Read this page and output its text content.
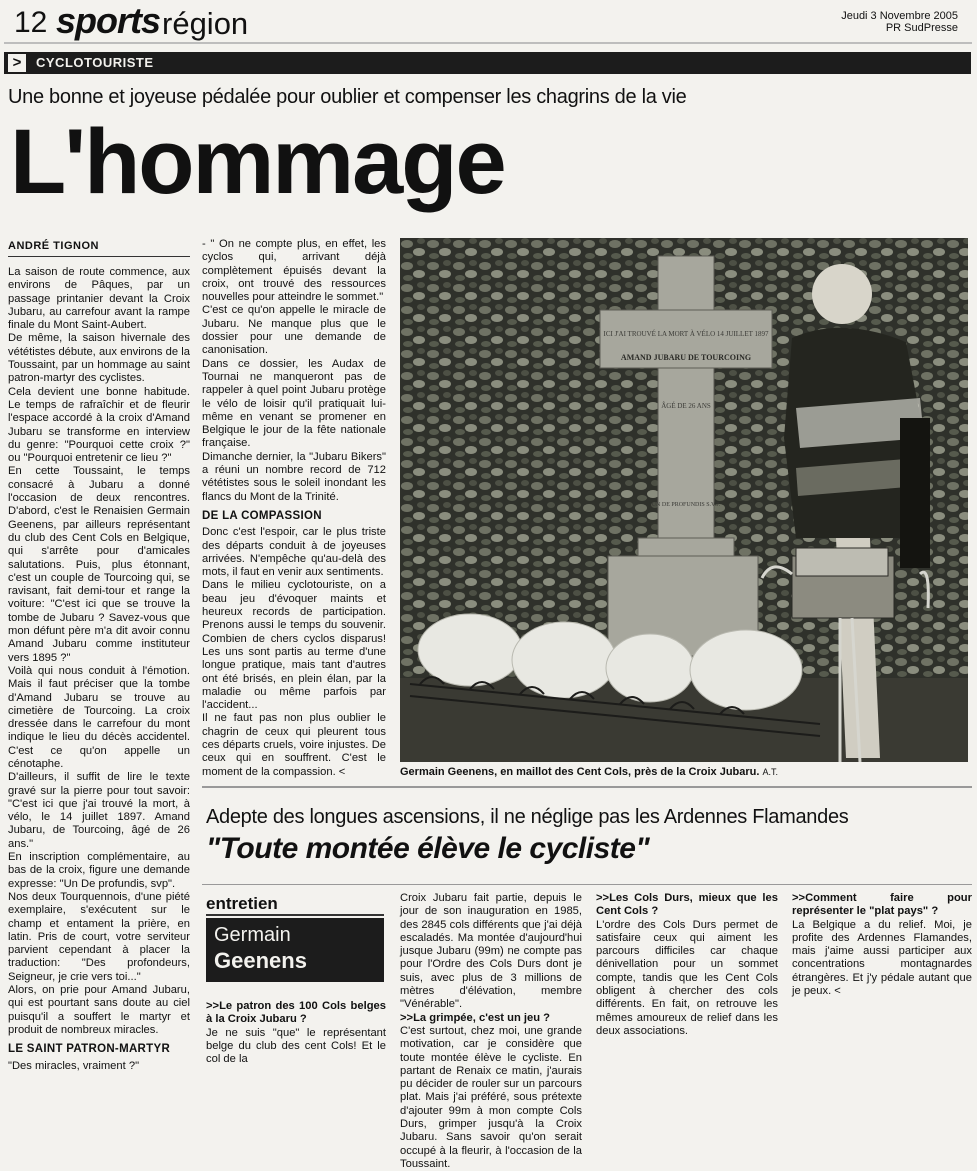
12 sports région	Jeudi 3 Novembre 2005
PR SudPresse
>	CYCLOTOURISTE
Une bonne et joyeuse pédalée pour oublier et compenser les chagrins de la vie
L'hommage
ANDRÉ TIGNON

La saison de route commence, aux environs de Pâques, par un passage printanier devant la Croix Jubaru, au carrefour avant la rampe finale du Mont Saint-Aubert.

De même, la saison hivernale des vététistes débute, aux environs de la Toussaint, par un hommage au saint patron-martyr des cyclistes.

Cela devient une bonne habitude. Le temps de rafraîchir et de fleurir l'espace accordé à la croix d'Amand Jubaru se transforme en interview du genre: "Pourquoi cette croix ?" ou "Pourquoi entretenir ce lieu ?"

En cette Toussaint, le temps consacré à Jubaru a donné l'occasion de deux rencontres. D'abord, c'est le Renaisien Germain Geenens, par ailleurs représentant du club des Cent Cols en Belgique, qui s'arrête pour d'amicales salutations. Puis, plus étonnant, c'est un couple de Tourcoing qui, se ravisant, fait demi-tour et range la voiture: "C'est ici que se trouve la tombe de Jubaru ? Savez-vous que mon défunt père m'a dit avoir connu Amand Jubaru comme instituteur vers 1895 ?"

Voilà qui nous conduit à l'émotion. Mais il faut préciser que la tombe d'Amand Jubaru se trouve au cimetière de Tourcoing. La croix dressée dans le carrefour du mont indique le lieu du décès accidentel. C'est ce qu'on appelle un cénotaphe.

D'ailleurs, il suffit de lire le texte gravé sur la pierre pour tout savoir: "C'est ici que j'ai trouvé la mort, à vélo, le 14 juillet 1897. Amand Jubaru, de Tourcoing, âgé de 26 ans."

En inscription complémentaire, au bas de la croix, figure une demande expresse: "Un De profundis, svp".

Nos deux Tourquennois, d'une piété exemplaire, s'exécutent sur le champ et entament la prière, en latin. Pris de court, votre serviteur parvient cependant à placer la traduction: "Des profondeurs, Seigneur, je crie vers toi..."

Alors, on prie pour Amand Jubaru, qui est pourtant sans doute au ciel puisqu'il a souffert le martyr et produit de nombreux miracles.

LE SAINT PATRON-MARTYR

"Des miracles, vraiment ?"

- " On ne compte plus, en effet, les cyclos qui, arrivant déjà complètement épuisés devant la croix, ont trouvé des ressources nouvelles pour atteindre le sommet."

C'est ce qu'on appelle le miracle de Jubaru. Ne manque plus que le dossier pour une demande de canonisation.

Dans ce dossier, les Audax de Tournai ne manqueront pas de rappeler à quel point Jubaru protège le vélo de loisir qu'il pratiquait lui-même en venant se promener en Belgique le jour de la fête nationale française.

Dimanche dernier, la "Jubaru Bikers" a réuni un nombre record de 712 vététistes sous le soleil inondant les flancs du Mont de la Trinité.

DE LA COMPASSION

Donc c'est l'espoir, car le plus triste des départs conduit à de joyeuses arrivées. N'empêche qu'au-delà des mots, il faut en venir aux sentiments.

Dans le milieu cyclotouriste, on a beau jeu d'évoquer maints et heureux records de participation. Prenons aussi le temps du souvenir. Combien de chers cyclos disparus! Les uns sont partis au terme d'une longue pratique, mais tant d'autres ont été brisés, en plein élan, par la maladie ou même parfois par l'accident...

Il ne faut pas non plus oublier le chagrin de ceux qui pleurent tous ces départs cruels, voire injustes. De ceux qui en souffrent. C'est le moment de la compassion. <

ICI J'AI TROUVÉ LA MORT À VÉLO 14 JUILLET 1897
AMAND JUBARU DE TOURCOING
ÂGÉ DE 26 ANS
UN DE PROFUNDIS S.V.P.
Germain Geenens, en maillot des Cent Cols, près de la Croix Jubaru. A.T.
Adepte des longues ascensions, il ne néglige pas les Ardennes Flamandes
"Toute montée élève le cycliste"
entretien
Germain
Geenens

>>Le patron des 100 Cols belges à la Croix Jubaru ?

Je ne suis "que" le représentant belge du club des cent Cols! Et le col de la

Croix Jubaru fait partie, depuis le jour de son inauguration en 1985, des 2845 cols différents que j'ai déjà escaladés. Ma montée d'aujourd'hui jusque Jubaru (99m) ne compte pas pour l'Ordre des Cols Durs dont je suis, avec plus de 3 millions de mètres d'élévation, membre "Vénérable".

>>La grimpée, c'est un jeu ?

C'est surtout, chez moi, une grande motivation, car je considère que toute montée élève le cycliste. En partant de Renaix ce matin, j'aurais pu décider de rouler sur un parcours plat. Mais j'ai préféré, sous prétexte d'ajouter 99m à mon compte Cols Durs, grimper jusqu'à la Croix Jubaru. Sans savoir qu'on serait occupé à la fleurir, à l'occasion de la Toussaint.

>>Les Cols Durs, mieux que les Cent Cols ?

L'ordre des Cols Durs permet de satisfaire ceux qui aiment les parcours difficiles car chaque dénivellation pour un sommet compte, tandis que les Cent Cols obligent à chercher des cols différents. En fait, on retrouve les mêmes amoureux de relief dans les deux associations.

>>Comment faire pour représenter le "plat pays" ?

La Belgique a du relief. Moi, je profite des Ardennes Flamandes, mais j'aime aussi participer aux concentrations montagnardes étrangères. Et j'y pédale autant que je peux. <
